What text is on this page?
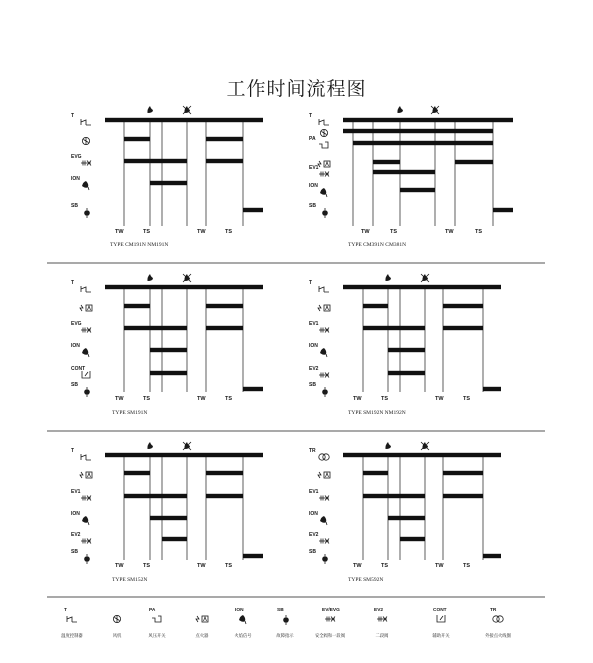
工作时间流程图
T
EVG
ION
SB
TW	TS	TW	TS
TYPE CM191N NM191N
T
PA
EV1
ION
SB
TW	TS	TW	TS
TYPE CM391N CM381N
T
EVG
ION
CONT
SB
TW	TS	TW	TS
TYPE SM191N
T
EV1
ION
EV2
SB
TW	TS	TW	TS
TYPE SM192N NM192N
T
EV1
ION
EV2
SB
TW	TS	TW	TS
TYPE SM152N
TR
EV1
ION
EV2
SB
TW	TS	TW	TS
TYPE SM592N
T
温度控制器	风机
PA
风压开关	点火器
ION
火焰信号
SB
故障指示
EV/EVG
安全阀和一段阀
EV2
二段阀
CONT
辅助开关
TR
外接点火线圈
